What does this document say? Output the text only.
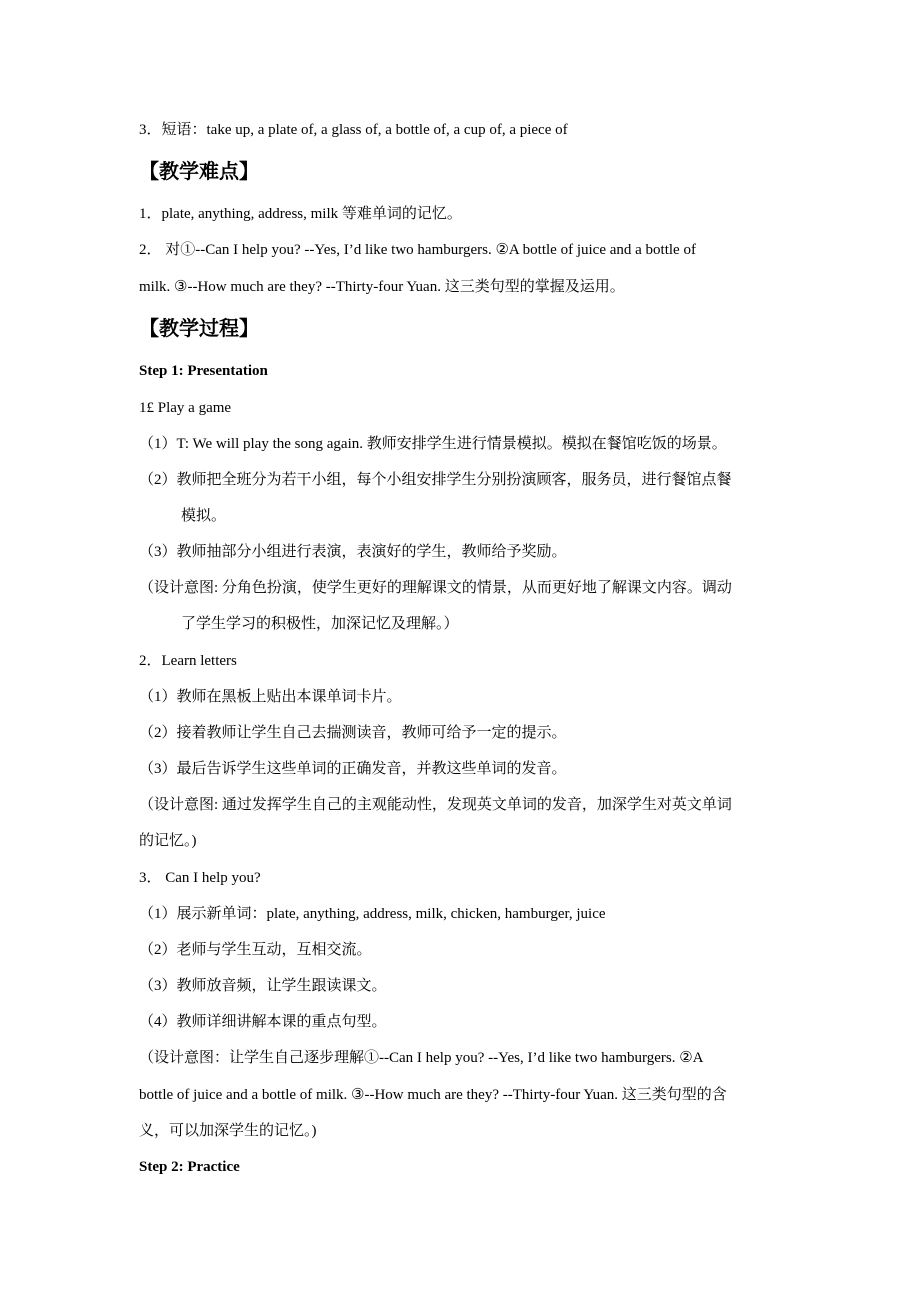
3．短语：take up, a plate of, a glass of, a bottle of, a cup of, a piece of
【教学难点】
1．plate, anything, address, milk 等难单词的记忆。
2． 对①--Can I help you? --Yes, I’d like two hamburgers. ②A bottle of juice and a bottle of
milk. ③--How much are they? --Thirty-four Yuan. 这三类句型的掌握及运用。
【教学过程】
Step 1: Presentation
1£ Play a game
（1）T: We will play the song again. 教师安排学生进行情景模拟。模拟在餐馆吃饭的场景。
（2）教师把全班分为若干小组，每个小组安排学生分别扮演顾客，服务员，进行餐馆点餐
模拟。
（3）教师抽部分小组进行表演，表演好的学生，教师给予奖励。
（设计意图: 分角色扮演，使学生更好的理解课文的情景，从而更好地了解课文内容。调动
了学生学习的积极性，加深记忆及理解。）
2．Learn letters
（1）教师在黑板上贴出本课单词卡片。
（2）接着教师让学生自己去揣测读音，教师可给予一定的提示。
（3）最后告诉学生这些单词的正确发音，并教这些单词的发音。
（设计意图: 通过发挥学生自己的主观能动性，发现英文单词的发音，加深学生对英文单词
的记忆。)
3． Can I help you?
（1）展示新单词：plate, anything, address, milk, chicken, hamburger, juice
（2）老师与学生互动，互相交流。
（3）教师放音频，让学生跟读课文。
（4）教师详细讲解本课的重点句型。
（设计意图：让学生自己逐步理解①--Can I help you? --Yes, I’d like two hamburgers. ②A
bottle of juice and a bottle of milk. ③--How much are they? --Thirty-four Yuan. 这三类句型的含
义，可以加深学生的记忆。)
Step 2: Practice
